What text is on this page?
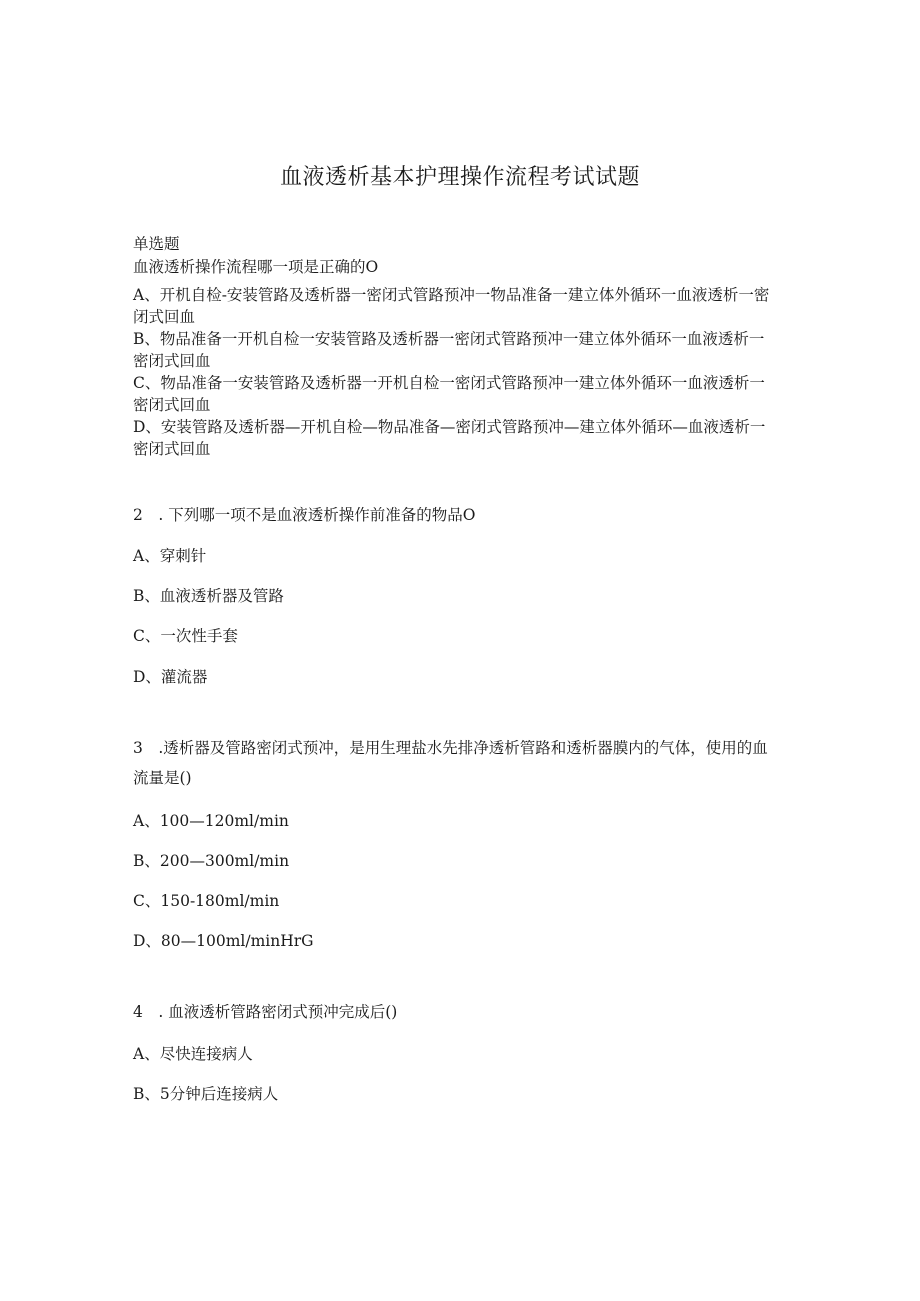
血液透析基本护理操作流程考试试题
单选题
血液透析操作流程哪一项是正确的O
A、开机自检-安装管路及透析器一密闭式管路预冲一物品准备一建立体外循环一血液透析一密闭式回血
B、物品准备一开机自检一安装管路及透析器一密闭式管路预冲一建立体外循环一血液透析一密闭式回血
C、物品准备一安装管路及透析器一开机自检一密闭式管路预冲一建立体外循环一血液透析一密闭式回血
D、安装管路及透析器—开机自检—物品准备—密闭式管路预冲—建立体外循环—血液透析一密闭式回血
2　. 下列哪一项不是血液透析操作前准备的物品O
A、穿刺针
B、血液透析器及管路
C、一次性手套
D、灌流器
3　.透析器及管路密闭式预冲，是用生理盐水先排净透析管路和透析器膜内的气体，使用的血流量是()
A、100—120ml∕min
B、200—300ml∕min
C、150-180ml∕min
D、80—100ml∕minHrG
4　. 血液透析管路密闭式预冲完成后()
A、尽快连接病人
B、5分钟后连接病人
